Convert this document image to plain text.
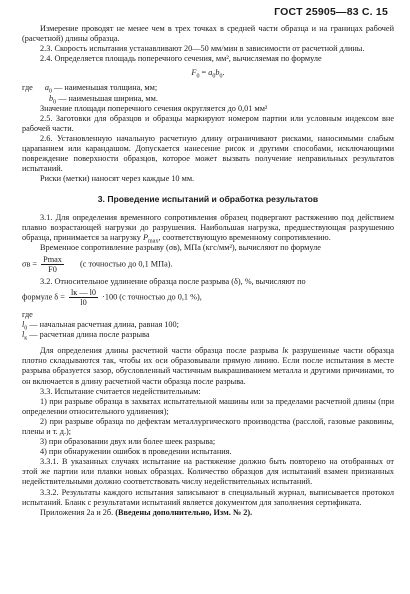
ГОСТ 25905—83 С. 15

Измерение проводят не менее чем в трех точках в средней части образца и на границах рабочей (расчетной) длины образца.

2.3. Скорость испытания устанавливают 20—50 мм/мин в зависимости от расчетной длины.

2.4. Определяется площадь поперечного сечения, мм², вычисляемая по формуле

$F_0 = a_0b_0$.

где $a_0$ — наименьшая толщина, мм;

$b_0$ — наименьшая ширина, мм.

Значение площади поперечного сечения округляется до 0,01 мм²

2.5. Заготовки для образцов и образцы маркируют номером партии или условным индексом вне рабочей части.

2.6. Установленную начальную расчетную длину ограничивают рисками, наносимыми слабым царапанием или карандашом. Допускается нанесение рисок и другими способами, исключающими повреждение поверхности образцов, которое может вызвать получение неправильных результатов испытаний.

Риски (метки) наносят через каждые 10 мм.

3. Проведение испытаний и обработка результатов

3.1. Для определения временного сопротивления образец подвергают растяжению под действием плавно возрастающей нагрузки до разрушения. Наибольшая нагрузка, предшествующая разрушению образца, принимается за нагрузку $P_{max}$, соответствующую временному сопротивлению.

Временное сопротивление разрыву (σв), МПа (кгс/мм²), вычисляют по формуле

$\sigma в = \frac{Pmax}{F0} (с$ точностью до 0,1 МПа).

3.2. Относительное удлинение образца после разрыва (δ), %, вычисляют по

формуле $\delta = \frac{lк — l0}{l0} \cdot 100$ (с точностью до 0,1 %),

где

$l_0$ — начальная расчетная длина, равная 100;

$l_к$ — расчетная длина после разрыва

Для определения длины расчетной части образца после разрыва lк разрушенные части образца плотно складываются так, чтобы их оси образовывали прямую линию. Если после испытания в месте разрыва образуется зазор, обусловленный частичным выкрашиванием металла и другими причинами, то он включается в длину расчетной части образца после разрыва.

3.3. Испытание считается недействительным:

1) при разрыве образца в захватах испытательной машины или за пределами расчетной длины (при определении относительного удлинения);

2) при разрыве образца по дефектам металлургического производства (расслой, газовые раковины, плены и т. д.);

3) при образовании двух или более шеек разрыва;

4) при обнаружении ошибок в проведении испытания.

3.3.1. В указанных случаях испытание на растяжение должно быть повторено на отобранных от этой же партии или плавки новых образцах. Количество образцов для испытаний взамен признанных недействительными должно соответствовать числу недействительных испытаний.

3.3.2. Результаты каждого испытания записывают в специальный журнал, выписывается протокол испытаний. Бланк с результатами испытаний является документом для заполнения сертификата.

Приложения 2а и 2б. (Введены дополнительно, Изм. № 2).
